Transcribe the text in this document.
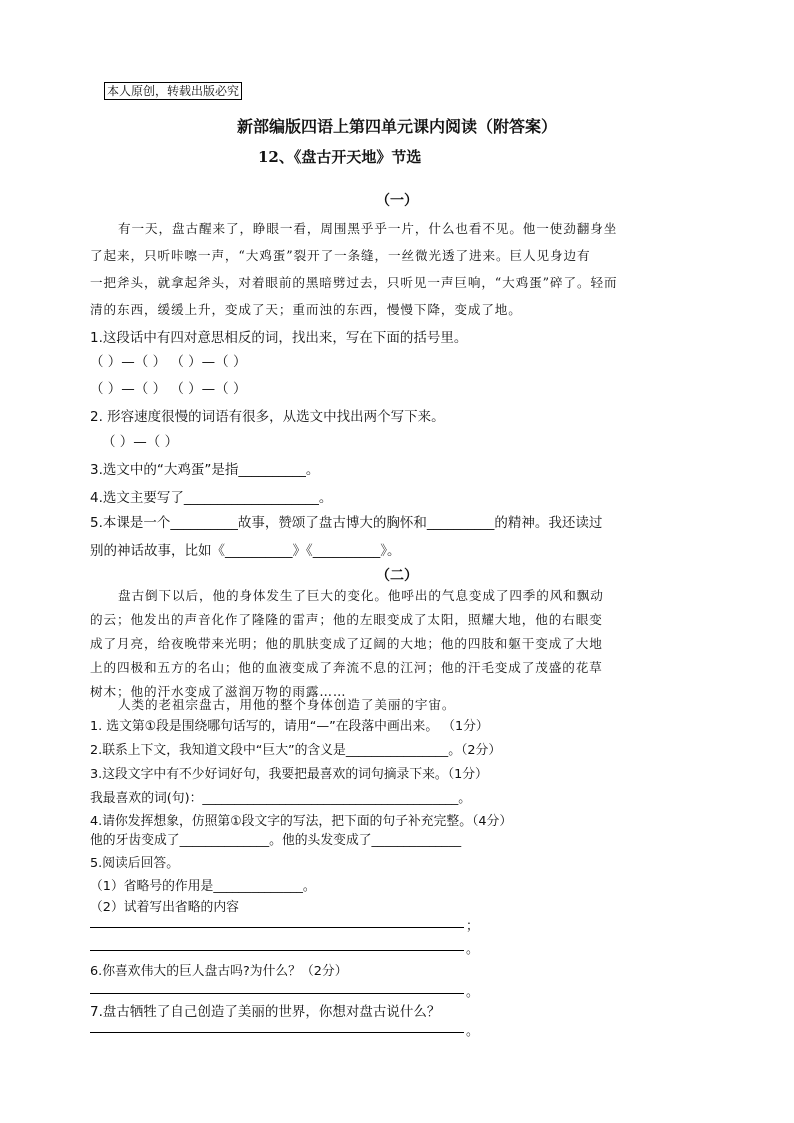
本人原创，转载出版必究
新部编版四语上第四单元课内阅读（附答案）
12、《盘古开天地》节选
（一）
有一天，盘古醒来了，睁眼一看，周围黑乎乎一片，什么也看不见。他一使劲翻身坐
了起来，只听咔嚓一声，“大鸡蛋”裂开了一条缝，一丝微光透了进来。巨人见身边有
一把斧头，就拿起斧头，对着眼前的黑暗劈过去，只听见一声巨响，“大鸡蛋”碎了。轻而
清的东西，缓缓上升，变成了天；重而浊的东西，慢慢下降，变成了地。
1.这段话中有四对意思相反的词，找出来，写在下面的括号里。
（ ）—（ ） （ ）—（ ）
（ ）—（ ） （ ）—（ ）
2. 形容速度很慢的词语有很多，从选文中找出两个写下来。
（ ）—（ ）
3.选文中的“大鸡蛋”是指__________。
4.选文主要写了____________________。
5.本课是一个__________故事，赞颂了盘古博大的胸怀和__________的精神。我还读过
别的神话故事，比如《__________》《__________》。
（二）
盘古倒下以后，他的身体发生了巨大的变化。他呼出的气息变成了四季的风和飘动
的云；他发出的声音化作了隆隆的雷声；他的左眼变成了太阳，照耀大地，他的右眼变
成了月亮，给夜晚带来光明；他的肌肤变成了辽阔的大地；他的四肢和躯干变成了大地
上的四极和五方的名山；他的血液变成了奔流不息的江河；他的汗毛变成了茂盛的花草
树木；他的汗水变成了滋润万物的雨露……
人类的老祖宗盘古，用他的整个身体创造了美丽的宇宙。
1. 选文第①段是围绕哪句话写的，请用“—”在段落中画出来。 （1分）
2.联系上下文，我知道文段中“巨大”的含义是________________。（2分）
3.这段文字中有不少好词好句，我要把最喜欢的词句摘录下来。（1分）
我最喜欢的词(句)：________________________________________。
4.请你发挥想象，仿照第①段文字的写法，把下面的句子补充完整。（4分）
他的牙齿变成了______________。他的头发变成了______________
5.阅读后回答。
（1）省略号的作用是______________。
（2）试着写出省略的内容
；
。
6.你喜欢伟大的巨人盘古吗?为什么？（2分）
。
7.盘古牺牲了自己创造了美丽的世界，你想对盘古说什么？
。
